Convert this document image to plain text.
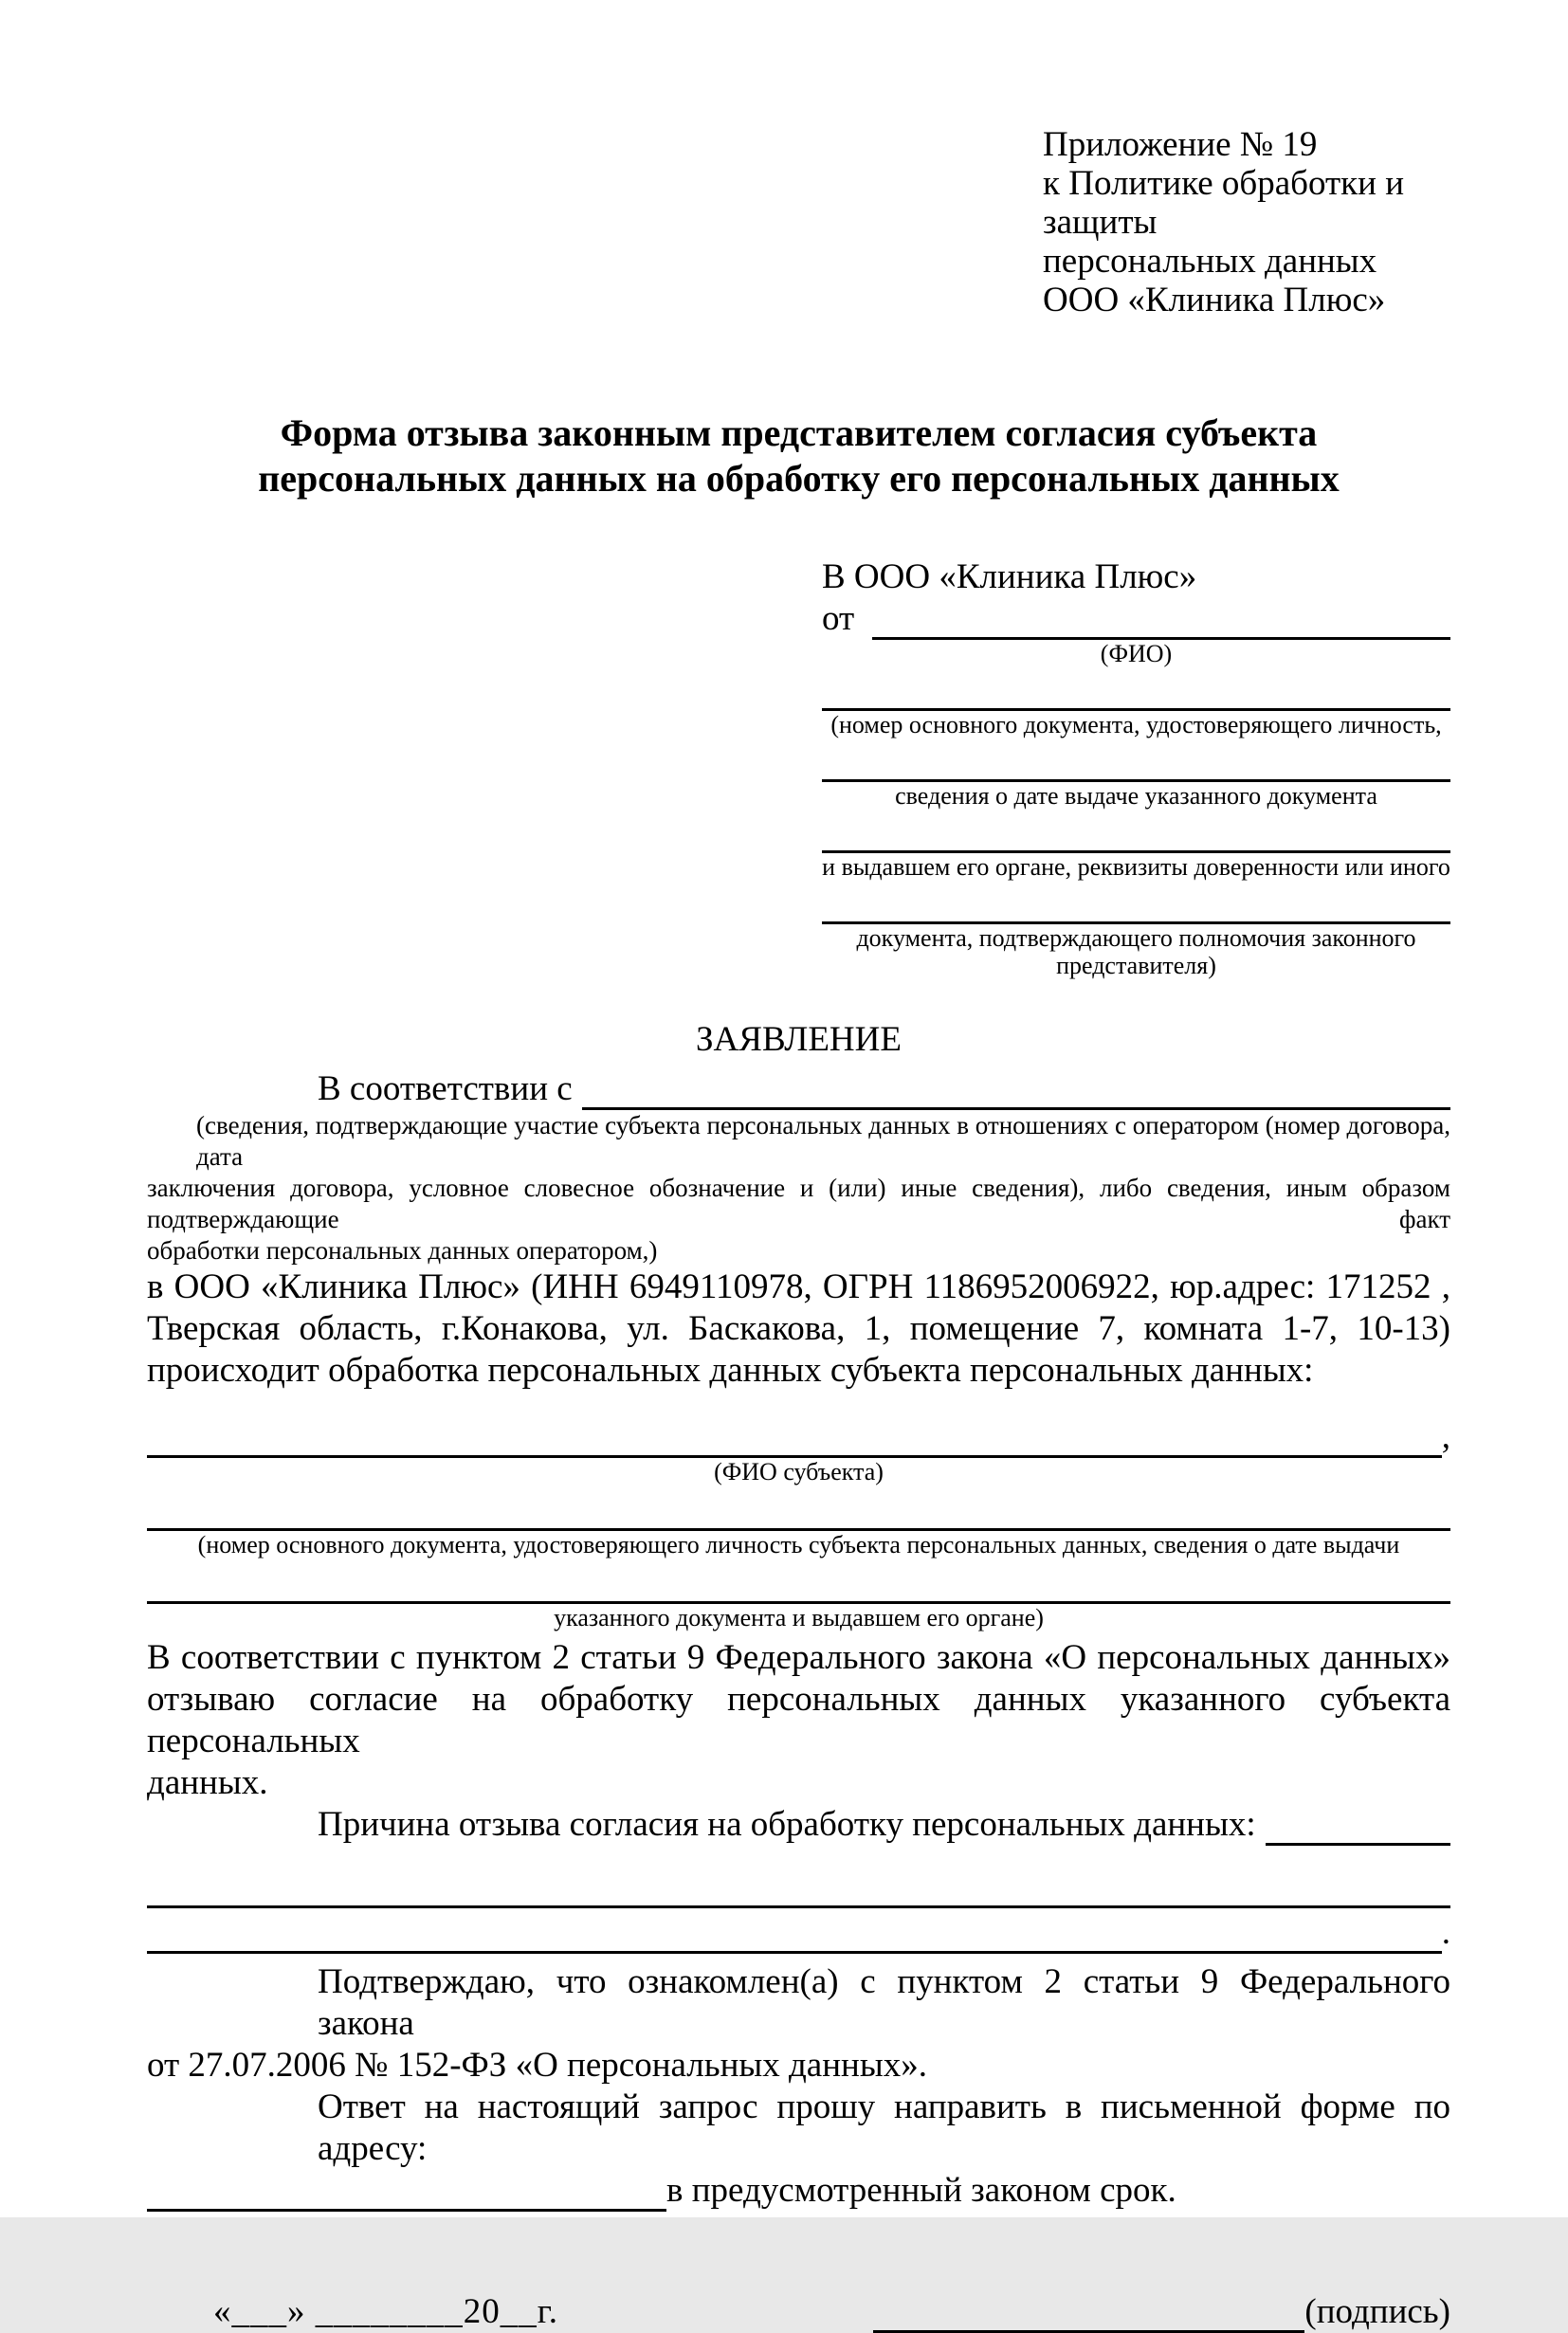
Приложение № 19
к Политике обработки и защиты
персональных данных
ООО «Клиника Плюс»
Форма отзыва законным представителем согласия субъекта
персональных данных на обработку его персональных данных
В ООО «Клиника Плюс»
от
(ФИО)
(номер основного документа, удостоверяющего личность,
сведения о дате выдаче указанного документа
и выдавшем его органе, реквизиты доверенности или иного
документа, подтверждающего полномочия законного представителя)
ЗАЯВЛЕНИЕ
В соответствии с
(сведения, подтверждающие участие субъекта персональных данных в отношениях с оператором (номер договора, дата
заключения договора, условное словесное обозначение и (или) иные сведения), либо сведения, иным образом подтверждающие факт
обработки персональных данных оператором,)
в ООО «Клиника Плюс» (ИНН 6949110978, ОГРН 1186952006922, юр.адрес: 171252 ,
Тверская область, г.Конакова, ул. Баскакова, 1, помещение 7, комната 1-7, 10-13)
происходит обработка персональных данных субъекта персональных данных:
,
(ФИО субъекта)
(номер основного документа, удостоверяющего личность субъекта персональных данных, сведения о дате выдачи
указанного документа и выдавшем его органе)
В соответствии с пунктом 2 статьи 9 Федерального закона «О персональных данных»
отзываю согласие на обработку персональных данных указанного субъекта персональных
данных.
Причина отзыва согласия на обработку персональных данных:
.
Подтверждаю, что ознакомлен(а) с пунктом 2 статьи 9 Федерального закона
от 27.07.2006 № 152-ФЗ «О персональных данных».
Ответ на настоящий запрос прошу направить в письменной форме по адресу:
в предусмотренный законом срок.
«___» ________20__г.	(подпись)
